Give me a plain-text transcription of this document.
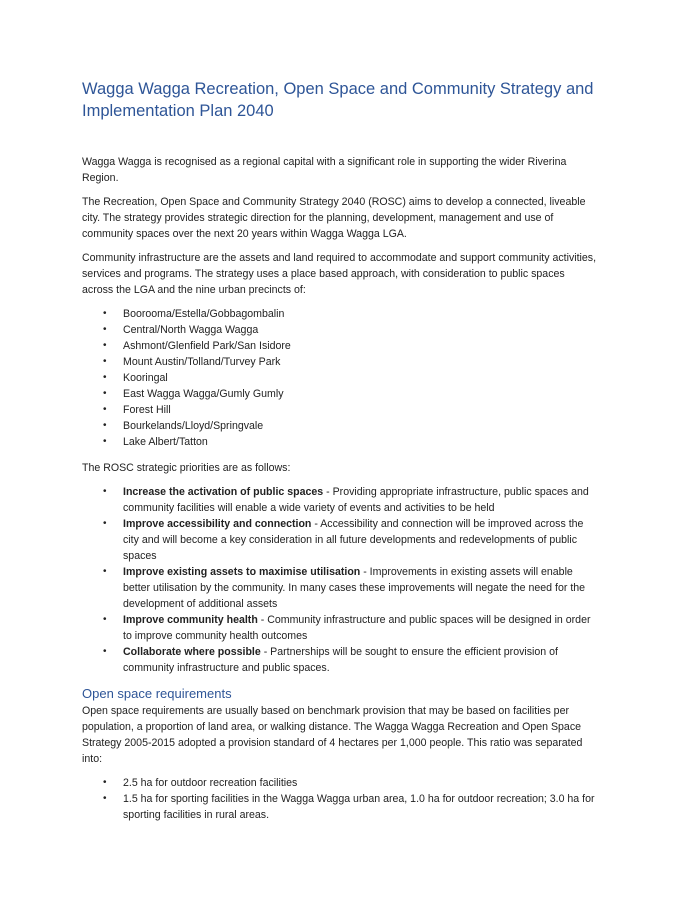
Wagga Wagga Recreation, Open Space and Community Strategy and Implementation Plan 2040

Wagga Wagga is recognised as a regional capital with a significant role in supporting the wider Riverina Region.

The Recreation, Open Space and Community Strategy 2040 (ROSC) aims to develop a connected, liveable city. The strategy provides strategic direction for the planning, development, management and use of community spaces over the next 20 years within Wagga Wagga LGA.

Community infrastructure are the assets and land required to accommodate and support community activities, services and programs. The strategy uses a place based approach, with consideration to public spaces across the LGA and the nine urban precincts of:

• Boorooma/Estella/Gobbagombalin
• Central/North Wagga Wagga
• Ashmont/Glenfield Park/San Isidore
• Mount Austin/Tolland/Turvey Park
• Kooringal
• East Wagga Wagga/Gumly Gumly
• Forest Hill
• Bourkelands/Lloyd/Springvale
• Lake Albert/Tatton

The ROSC strategic priorities are as follows:

• Increase the activation of public spaces - Providing appropriate infrastructure, public spaces and community facilities will enable a wide variety of events and activities to be held
• Improve accessibility and connection - Accessibility and connection will be improved across the city and will become a key consideration in all future developments and redevelopments of public spaces
• Improve existing assets to maximise utilisation - Improvements in existing assets will enable better utilisation by the community. In many cases these improvements will negate the need for the development of additional assets
• Improve community health - Community infrastructure and public spaces will be designed in order to improve community health outcomes
• Collaborate where possible - Partnerships will be sought to ensure the efficient provision of community infrastructure and public spaces.
Open space requirements

Open space requirements are usually based on benchmark provision that may be based on facilities per population, a proportion of land area, or walking distance. The Wagga Wagga Recreation and Open Space Strategy 2005-2015 adopted a provision standard of 4 hectares per 1,000 people. This ratio was separated into:

• 2.5 ha for outdoor recreation facilities
• 1.5 ha for sporting facilities in the Wagga Wagga urban area, 1.0 ha for outdoor recreation; 3.0 ha for sporting facilities in rural areas.
